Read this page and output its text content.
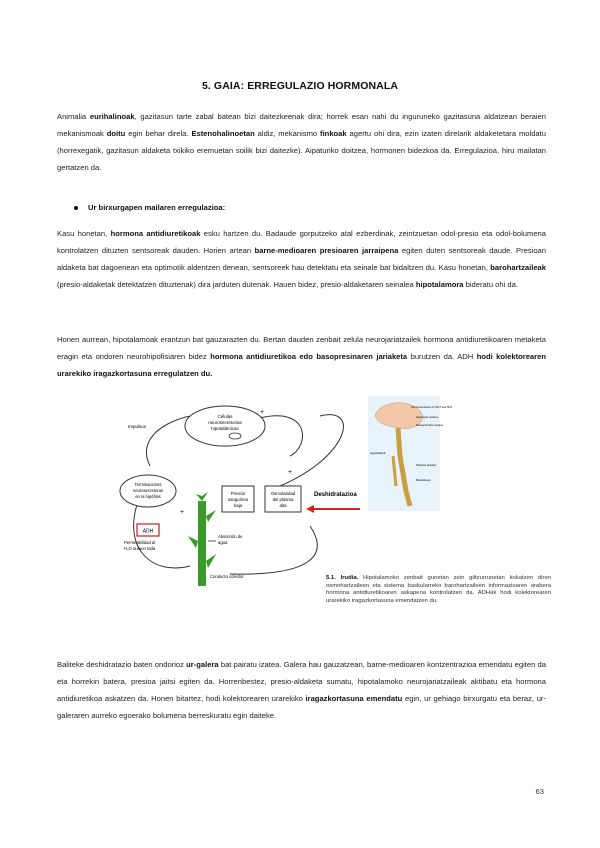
5. GAIA: ERREGULAZIO HORMONALA

Animalia eurihalinoak, gazitasun tarte zabal batean bizi daitezkeenak dira; horrek esan nahi du inguruneko gazitasuna aldatzean beraien mekanismoak doitu egin behar direla. Estenohalinoetan aldiz, mekanismo finkoak agertu ohi dira, ezin izaten direlarik aldaketetara moldatu (horrexegatik, gazitasun aldaketa txikiko eremuetan soilik bizi daitezke). Aipaturiko doitzea, hormonen bidezkoa da. Erregulazioa, hiru mailatan gertatzen da.

Ur birxurgapen mailaren erregulazioa:

Kasu honetan, hormona antidiuretikoak esku hartzen du. Badaude gorputzeko atal ezberdinak, zeintzuetan odol-presio eta odol-bolumena kontrolatzen dituzten sentsoreak dauden. Horien artean barne-medioaren presioaren jarraipena egiten duten sentsoreak daude. Presioan aldaketa bat dagoenean eta optimotik aldentzen denean, sentsoreek hau detektatu eta seinale bat bidaltzen du. Kasu honetan, barohartzaileak (presio-aldaketak detektatzen dituztenak) dira jarduten dutenak. Hauen bidez, presio-aldaketaren seinalea hipotalamora bideratu ohi da.

Honen aurrean, hipotalamoak erantzun bat gauzarazten du. Bertan dauden zenbait zelula neurojariatzailek hormona antidiuretikoaren metaketa eragin eta ondoren neurohipofisiaren bidez hormona antidiuretikoa edo basopresinaren jariaketa burutzen da. ADH hodi kolektorearen urarekiko iragazkortasuna erregulatzen du.

Células
neurosecretorias
hipotalámicas
Impulsos
Terminaciones
neurosecretoras
en la hipófisis
ADH
Permeabilidad al
H₂O aumen tada
Conducto colector
Absorción de
agua
Presión
sanguínea
baja
Osmolaridad
del plasma
alta
+
+
+
Deshidratazioa
Osmorreceptores in OVLT and SFO
Supraoptic nucleus
Paraventricular nucleus
Hypothalamic
Posterior pituitary
Bloodstream
5.1. Irudia. Hipotalamoko zenbait gunetan zein giltzurrunetan kokatzen diren osmohartzaileen eta sistema baskularreko barohartzaileen informazioaren arabera hormona antidiuretikoaren askapena kontrolatzen da. ADHak hodi kolektorearen urarekiko iragazkortasuna emendatzen du.

Baliteke deshidratazio baten ondorioz ur-galera bat pairatu izatea. Galera hau gauzatzean, barne-medioaren kontzentrazioa emendatu egiten da eta horrekin batera, presioa jaitsi egiten da. Horrenbestez, presio-aldaketa sumatu, hipotalamoko neurojariatzaileak aktibatu eta hormona antidiuretikoa askatzen da. Honen bitartez, hodi kolektorearen urarekiko iragazkortasuna emendatu egin, ur gehiago birxurgatu eta beraz, ur-galeraren aurreko egoerako bolumena berreskuratu egin daiteke.

63
